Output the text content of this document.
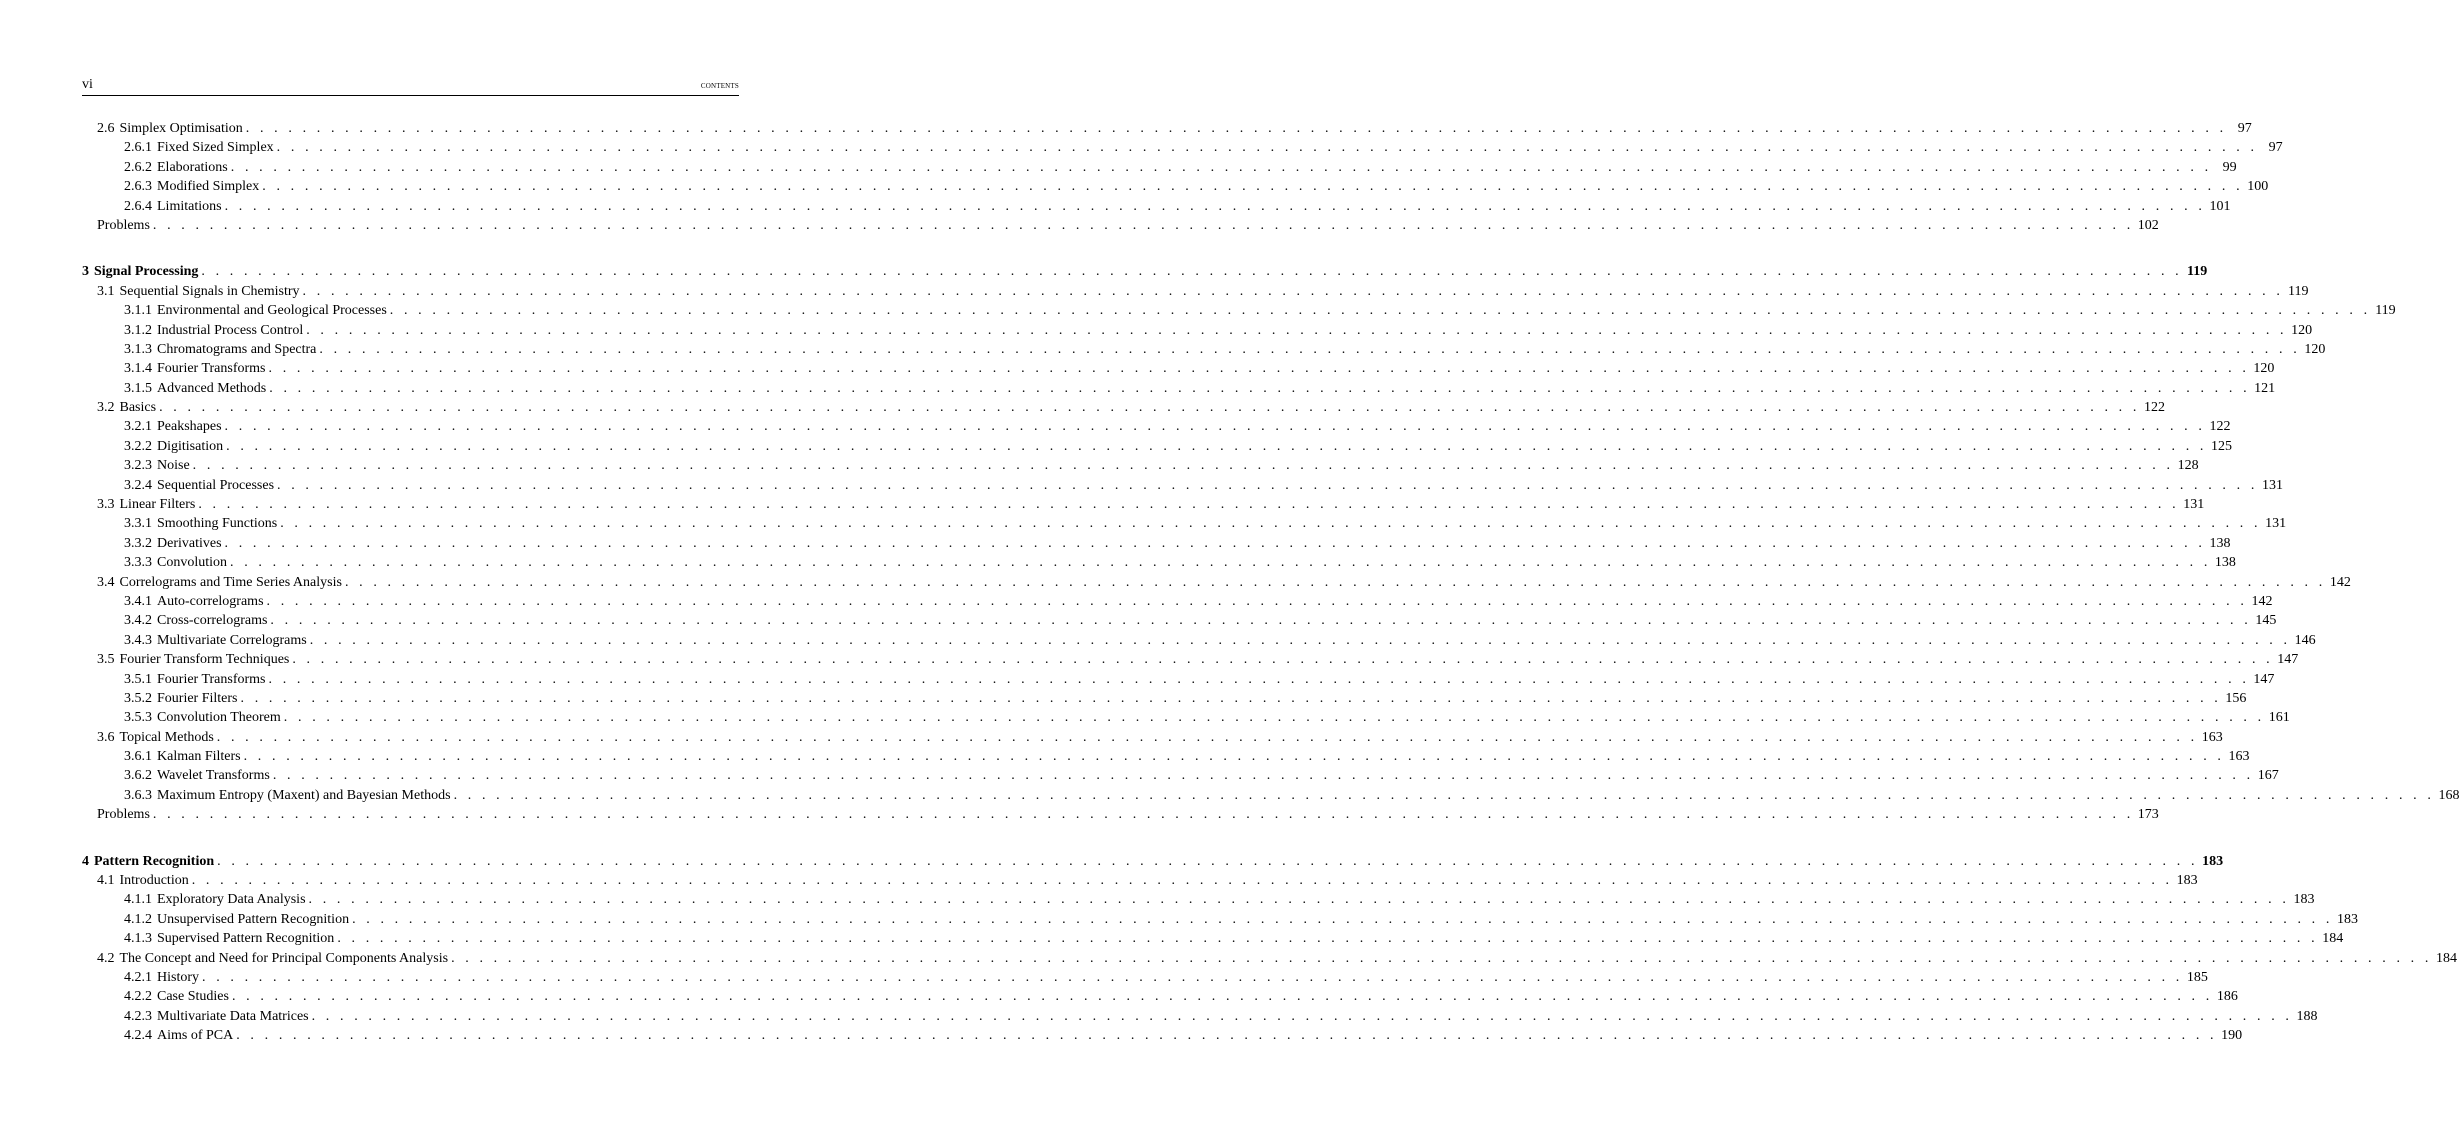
vi	contents
2.6 Simplex Optimisation . . . . . . . . . . . . . . . . . . . . . . . . . . . . . . . . . . . . . . . . . . . . . . . . . . . . . . . . . . . . . . . . . . . . . . . . . . . . . . . . . . . . . . . . . . . . . . . . . . . . . . . . . . . . . . . . . . . . . . . . . . . . . . . . . . . . . . . . . . . . 97
2.6.1 Fixed Sized Simplex . . . . . . . . . . . . . . . . . . . . . . . . . . . . . . . . . . . . . . . . . . . . . . . . . . . . . . . . . . . . . . . . . . . . . . . . . . . . . . . . . . . . . . . . . . . . . . . . . . . . . . . . . . . . . . . . . . . . . . . . . . . . . . . . . . . . . . . . . . . . 97
2.6.2 Elaborations . . . . . . . . . . . . . . . . . . . . . . . . . . . . . . . . . . . . . . . . . . . . . . . . . . . . . . . . . . . . . . . . . . . . . . . . . . . . . . . . . . . . . . . . . . . . . . . . . . . . . . . . . . . . . . . . . . . . . . . . . . . . . . . . . . . . . . . . . . . . 99
2.6.3 Modified Simplex . . . . . . . . . . . . . . . . . . . . . . . . . . . . . . . . . . . . . . . . . . . . . . . . . . . . . . . . . . . . . . . . . . . . . . . . . . . . . . . . . . . . . . . . . . . . . . . . . . . . . . . . . . . . . . . . . . . . . . . . . . . . . . . . . . . . . . . . . . . . 100
2.6.4 Limitations . . . . . . . . . . . . . . . . . . . . . . . . . . . . . . . . . . . . . . . . . . . . . . . . . . . . . . . . . . . . . . . . . . . . . . . . . . . . . . . . . . . . . . . . . . . . . . . . . . . . . . . . . . . . . . . . . . . . . . . . . . . . . . . . . . . . . . . . . . . . 101
Problems . . . . . . . . . . . . . . . . . . . . . . . . . . . . . . . . . . . . . . . . . . . . . . . . . . . . . . . . . . . . . . . . . . . . . . . . . . . . . . . . . . . . . . . . . . . . . . . . . . . . . . . . . . . . . . . . . . . . . . . . . . . . . . . . . . . . . . . . . . . . 102
3 Signal Processing . . . . . . . . . . . . . . . . . . . . . . . . . . . . . . . . . . . . . . . . . . . . . . . . . . . . . . . . . . . . . . . . . . . . . . . . . . . . . . . . . . . . . . . . . . . . . . . . . . . . . . . . . . . . . . . . . . . . . . . . . . . . . . . . . . . . . . . . . . . . 119
3.1 Sequential Signals in Chemistry . . . . . . . . . . . . . . . . . . . . . . . . . . . . . . . . . . . . . . . . . . . . . . . . . . . . . . . . . . . . . . . . . . . . . . . . . . . . . . . . . . . . . . . . . . . . . . . . . . . . . . . . . . . . . . . . . . . . . . . . . . . . . . . . . . . . . . . . . . . . 119
3.1.1 Environmental and Geological Processes . . . . . . . . . . . . . . . . . . . . . . . . . . . . . . . . . . . . . . . . . . . . . . . . . . . . . . . . . . . . . . . . . . . . . . . . . . . . . . . . . . . . . . . . . . . . . . . . . . . . . . . . . . . . . . . . . . . . . . . . . . . . . . . . . . . . . . . . . . . . 119
3.1.2 Industrial Process Control . . . . . . . . . . . . . . . . . . . . . . . . . . . . . . . . . . . . . . . . . . . . . . . . . . . . . . . . . . . . . . . . . . . . . . . . . . . . . . . . . . . . . . . . . . . . . . . . . . . . . . . . . . . . . . . . . . . . . . . . . . . . . . . . . . . . . . . . . . . . 120
3.1.3 Chromatograms and Spectra . . . . . . . . . . . . . . . . . . . . . . . . . . . . . . . . . . . . . . . . . . . . . . . . . . . . . . . . . . . . . . . . . . . . . . . . . . . . . . . . . . . . . . . . . . . . . . . . . . . . . . . . . . . . . . . . . . . . . . . . . . . . . . . . . . . . . . . . . . . . 120
3.1.4 Fourier Transforms . . . . . . . . . . . . . . . . . . . . . . . . . . . . . . . . . . . . . . . . . . . . . . . . . . . . . . . . . . . . . . . . . . . . . . . . . . . . . . . . . . . . . . . . . . . . . . . . . . . . . . . . . . . . . . . . . . . . . . . . . . . . . . . . . . . . . . . . . . . . 120
3.1.5 Advanced Methods . . . . . . . . . . . . . . . . . . . . . . . . . . . . . . . . . . . . . . . . . . . . . . . . . . . . . . . . . . . . . . . . . . . . . . . . . . . . . . . . . . . . . . . . . . . . . . . . . . . . . . . . . . . . . . . . . . . . . . . . . . . . . . . . . . . . . . . . . . . . 121
3.2 Basics . . . . . . . . . . . . . . . . . . . . . . . . . . . . . . . . . . . . . . . . . . . . . . . . . . . . . . . . . . . . . . . . . . . . . . . . . . . . . . . . . . . . . . . . . . . . . . . . . . . . . . . . . . . . . . . . . . . . . . . . . . . . . . . . . . . . . . . . . . . . 122
3.2.1 Peakshapes . . . . . . . . . . . . . . . . . . . . . . . . . . . . . . . . . . . . . . . . . . . . . . . . . . . . . . . . . . . . . . . . . . . . . . . . . . . . . . . . . . . . . . . . . . . . . . . . . . . . . . . . . . . . . . . . . . . . . . . . . . . . . . . . . . . . . . . . . . . . 122
3.2.2 Digitisation . . . . . . . . . . . . . . . . . . . . . . . . . . . . . . . . . . . . . . . . . . . . . . . . . . . . . . . . . . . . . . . . . . . . . . . . . . . . . . . . . . . . . . . . . . . . . . . . . . . . . . . . . . . . . . . . . . . . . . . . . . . . . . . . . . . . . . . . . . . . 125
3.2.3 Noise . . . . . . . . . . . . . . . . . . . . . . . . . . . . . . . . . . . . . . . . . . . . . . . . . . . . . . . . . . . . . . . . . . . . . . . . . . . . . . . . . . . . . . . . . . . . . . . . . . . . . . . . . . . . . . . . . . . . . . . . . . . . . . . . . . . . . . . . . . . . 128
3.2.4 Sequential Processes . . . . . . . . . . . . . . . . . . . . . . . . . . . . . . . . . . . . . . . . . . . . . . . . . . . . . . . . . . . . . . . . . . . . . . . . . . . . . . . . . . . . . . . . . . . . . . . . . . . . . . . . . . . . . . . . . . . . . . . . . . . . . . . . . . . . . . . . . . . . 131
3.3 Linear Filters . . . . . . . . . . . . . . . . . . . . . . . . . . . . . . . . . . . . . . . . . . . . . . . . . . . . . . . . . . . . . . . . . . . . . . . . . . . . . . . . . . . . . . . . . . . . . . . . . . . . . . . . . . . . . . . . . . . . . . . . . . . . . . . . . . . . . . . . . . . . 131
3.3.1 Smoothing Functions . . . . . . . . . . . . . . . . . . . . . . . . . . . . . . . . . . . . . . . . . . . . . . . . . . . . . . . . . . . . . . . . . . . . . . . . . . . . . . . . . . . . . . . . . . . . . . . . . . . . . . . . . . . . . . . . . . . . . . . . . . . . . . . . . . . . . . . . . . . . 131
3.3.2 Derivatives . . . . . . . . . . . . . . . . . . . . . . . . . . . . . . . . . . . . . . . . . . . . . . . . . . . . . . . . . . . . . . . . . . . . . . . . . . . . . . . . . . . . . . . . . . . . . . . . . . . . . . . . . . . . . . . . . . . . . . . . . . . . . . . . . . . . . . . . . . . . 138
3.3.3 Convolution . . . . . . . . . . . . . . . . . . . . . . . . . . . . . . . . . . . . . . . . . . . . . . . . . . . . . . . . . . . . . . . . . . . . . . . . . . . . . . . . . . . . . . . . . . . . . . . . . . . . . . . . . . . . . . . . . . . . . . . . . . . . . . . . . . . . . . . . . . . . 138
3.4 Correlograms and Time Series Analysis . . . . . . . . . . . . . . . . . . . . . . . . . . . . . . . . . . . . . . . . . . . . . . . . . . . . . . . . . . . . . . . . . . . . . . . . . . . . . . . . . . . . . . . . . . . . . . . . . . . . . . . . . . . . . . . . . . . . . . . . . . . . . . . . . . . . . . . . . . . . 142
3.4.1 Auto-correlograms . . . . . . . . . . . . . . . . . . . . . . . . . . . . . . . . . . . . . . . . . . . . . . . . . . . . . . . . . . . . . . . . . . . . . . . . . . . . . . . . . . . . . . . . . . . . . . . . . . . . . . . . . . . . . . . . . . . . . . . . . . . . . . . . . . . . . . . . . . . . 142
3.4.2 Cross-correlograms . . . . . . . . . . . . . . . . . . . . . . . . . . . . . . . . . . . . . . . . . . . . . . . . . . . . . . . . . . . . . . . . . . . . . . . . . . . . . . . . . . . . . . . . . . . . . . . . . . . . . . . . . . . . . . . . . . . . . . . . . . . . . . . . . . . . . . . . . . . . 145
3.4.3 Multivariate Correlograms . . . . . . . . . . . . . . . . . . . . . . . . . . . . . . . . . . . . . . . . . . . . . . . . . . . . . . . . . . . . . . . . . . . . . . . . . . . . . . . . . . . . . . . . . . . . . . . . . . . . . . . . . . . . . . . . . . . . . . . . . . . . . . . . . . . . . . . . . . . . 146
3.5 Fourier Transform Techniques . . . . . . . . . . . . . . . . . . . . . . . . . . . . . . . . . . . . . . . . . . . . . . . . . . . . . . . . . . . . . . . . . . . . . . . . . . . . . . . . . . . . . . . . . . . . . . . . . . . . . . . . . . . . . . . . . . . . . . . . . . . . . . . . . . . . . . . . . . . . 147
3.5.1 Fourier Transforms . . . . . . . . . . . . . . . . . . . . . . . . . . . . . . . . . . . . . . . . . . . . . . . . . . . . . . . . . . . . . . . . . . . . . . . . . . . . . . . . . . . . . . . . . . . . . . . . . . . . . . . . . . . . . . . . . . . . . . . . . . . . . . . . . . . . . . . . . . . . 147
3.5.2 Fourier Filters . . . . . . . . . . . . . . . . . . . . . . . . . . . . . . . . . . . . . . . . . . . . . . . . . . . . . . . . . . . . . . . . . . . . . . . . . . . . . . . . . . . . . . . . . . . . . . . . . . . . . . . . . . . . . . . . . . . . . . . . . . . . . . . . . . . . . . . . . . . . 156
3.5.3 Convolution Theorem . . . . . . . . . . . . . . . . . . . . . . . . . . . . . . . . . . . . . . . . . . . . . . . . . . . . . . . . . . . . . . . . . . . . . . . . . . . . . . . . . . . . . . . . . . . . . . . . . . . . . . . . . . . . . . . . . . . . . . . . . . . . . . . . . . . . . . . . . . . . 161
3.6 Topical Methods . . . . . . . . . . . . . . . . . . . . . . . . . . . . . . . . . . . . . . . . . . . . . . . . . . . . . . . . . . . . . . . . . . . . . . . . . . . . . . . . . . . . . . . . . . . . . . . . . . . . . . . . . . . . . . . . . . . . . . . . . . . . . . . . . . . . . . . . . . . . 163
3.6.1 Kalman Filters . . . . . . . . . . . . . . . . . . . . . . . . . . . . . . . . . . . . . . . . . . . . . . . . . . . . . . . . . . . . . . . . . . . . . . . . . . . . . . . . . . . . . . . . . . . . . . . . . . . . . . . . . . . . . . . . . . . . . . . . . . . . . . . . . . . . . . . . . . . . 163
3.6.2 Wavelet Transforms . . . . . . . . . . . . . . . . . . . . . . . . . . . . . . . . . . . . . . . . . . . . . . . . . . . . . . . . . . . . . . . . . . . . . . . . . . . . . . . . . . . . . . . . . . . . . . . . . . . . . . . . . . . . . . . . . . . . . . . . . . . . . . . . . . . . . . . . . . . . 167
3.6.3 Maximum Entropy (Maxent) and Bayesian Methods . . . . . . . . . . . . . . . . . . . . . . . . . . . . . . . . . . . . . . . . . . . . . . . . . . . . . . . . . . . . . . . . . . . . . . . . . . . . . . . . . . . . . . . . . . . . . . . . . . . . . . . . . . . . . . . . . . . . . . . . . . . . . . . . . . . . . . . . . . . . 168
Problems . . . . . . . . . . . . . . . . . . . . . . . . . . . . . . . . . . . . . . . . . . . . . . . . . . . . . . . . . . . . . . . . . . . . . . . . . . . . . . . . . . . . . . . . . . . . . . . . . . . . . . . . . . . . . . . . . . . . . . . . . . . . . . . . . . . . . . . . . . . . 173
4 Pattern Recognition . . . . . . . . . . . . . . . . . . . . . . . . . . . . . . . . . . . . . . . . . . . . . . . . . . . . . . . . . . . . . . . . . . . . . . . . . . . . . . . . . . . . . . . . . . . . . . . . . . . . . . . . . . . . . . . . . . . . . . . . . . . . . . . . . . . . . . . . . . . . 183
4.1 Introduction . . . . . . . . . . . . . . . . . . . . . . . . . . . . . . . . . . . . . . . . . . . . . . . . . . . . . . . . . . . . . . . . . . . . . . . . . . . . . . . . . . . . . . . . . . . . . . . . . . . . . . . . . . . . . . . . . . . . . . . . . . . . . . . . . . . . . . . . . . . . 183
4.1.1 Exploratory Data Analysis . . . . . . . . . . . . . . . . . . . . . . . . . . . . . . . . . . . . . . . . . . . . . . . . . . . . . . . . . . . . . . . . . . . . . . . . . . . . . . . . . . . . . . . . . . . . . . . . . . . . . . . . . . . . . . . . . . . . . . . . . . . . . . . . . . . . . . . . . . . . 183
4.1.2 Unsupervised Pattern Recognition . . . . . . . . . . . . . . . . . . . . . . . . . . . . . . . . . . . . . . . . . . . . . . . . . . . . . . . . . . . . . . . . . . . . . . . . . . . . . . . . . . . . . . . . . . . . . . . . . . . . . . . . . . . . . . . . . . . . . . . . . . . . . . . . . . . . . . . . . . . . 183
4.1.3 Supervised Pattern Recognition . . . . . . . . . . . . . . . . . . . . . . . . . . . . . . . . . . . . . . . . . . . . . . . . . . . . . . . . . . . . . . . . . . . . . . . . . . . . . . . . . . . . . . . . . . . . . . . . . . . . . . . . . . . . . . . . . . . . . . . . . . . . . . . . . . . . . . . . . . . . 184
4.2 The Concept and Need for Principal Components Analysis . . . . . . . . . . . . . . . . . . . . . . . . . . . . . . . . . . . . . . . . . . . . . . . . . . . . . . . . . . . . . . . . . . . . . . . . . . . . . . . . . . . . . . . . . . . . . . . . . . . . . . . . . . . . . . . . . . . . . . . . . . . . . . . . . . . . . . . . . . . . 184
4.2.1 History . . . . . . . . . . . . . . . . . . . . . . . . . . . . . . . . . . . . . . . . . . . . . . . . . . . . . . . . . . . . . . . . . . . . . . . . . . . . . . . . . . . . . . . . . . . . . . . . . . . . . . . . . . . . . . . . . . . . . . . . . . . . . . . . . . . . . . . . . . . . 185
4.2.2 Case Studies . . . . . . . . . . . . . . . . . . . . . . . . . . . . . . . . . . . . . . . . . . . . . . . . . . . . . . . . . . . . . . . . . . . . . . . . . . . . . . . . . . . . . . . . . . . . . . . . . . . . . . . . . . . . . . . . . . . . . . . . . . . . . . . . . . . . . . . . . . . . 186
4.2.3 Multivariate Data Matrices . . . . . . . . . . . . . . . . . . . . . . . . . . . . . . . . . . . . . . . . . . . . . . . . . . . . . . . . . . . . . . . . . . . . . . . . . . . . . . . . . . . . . . . . . . . . . . . . . . . . . . . . . . . . . . . . . . . . . . . . . . . . . . . . . . . . . . . . . . . . 188
4.2.4 Aims of PCA . . . . . . . . . . . . . . . . . . . . . . . . . . . . . . . . . . . . . . . . . . . . . . . . . . . . . . . . . . . . . . . . . . . . . . . . . . . . . . . . . . . . . . . . . . . . . . . . . . . . . . . . . . . . . . . . . . . . . . . . . . . . . . . . . . . . . . . . . . . . 190
